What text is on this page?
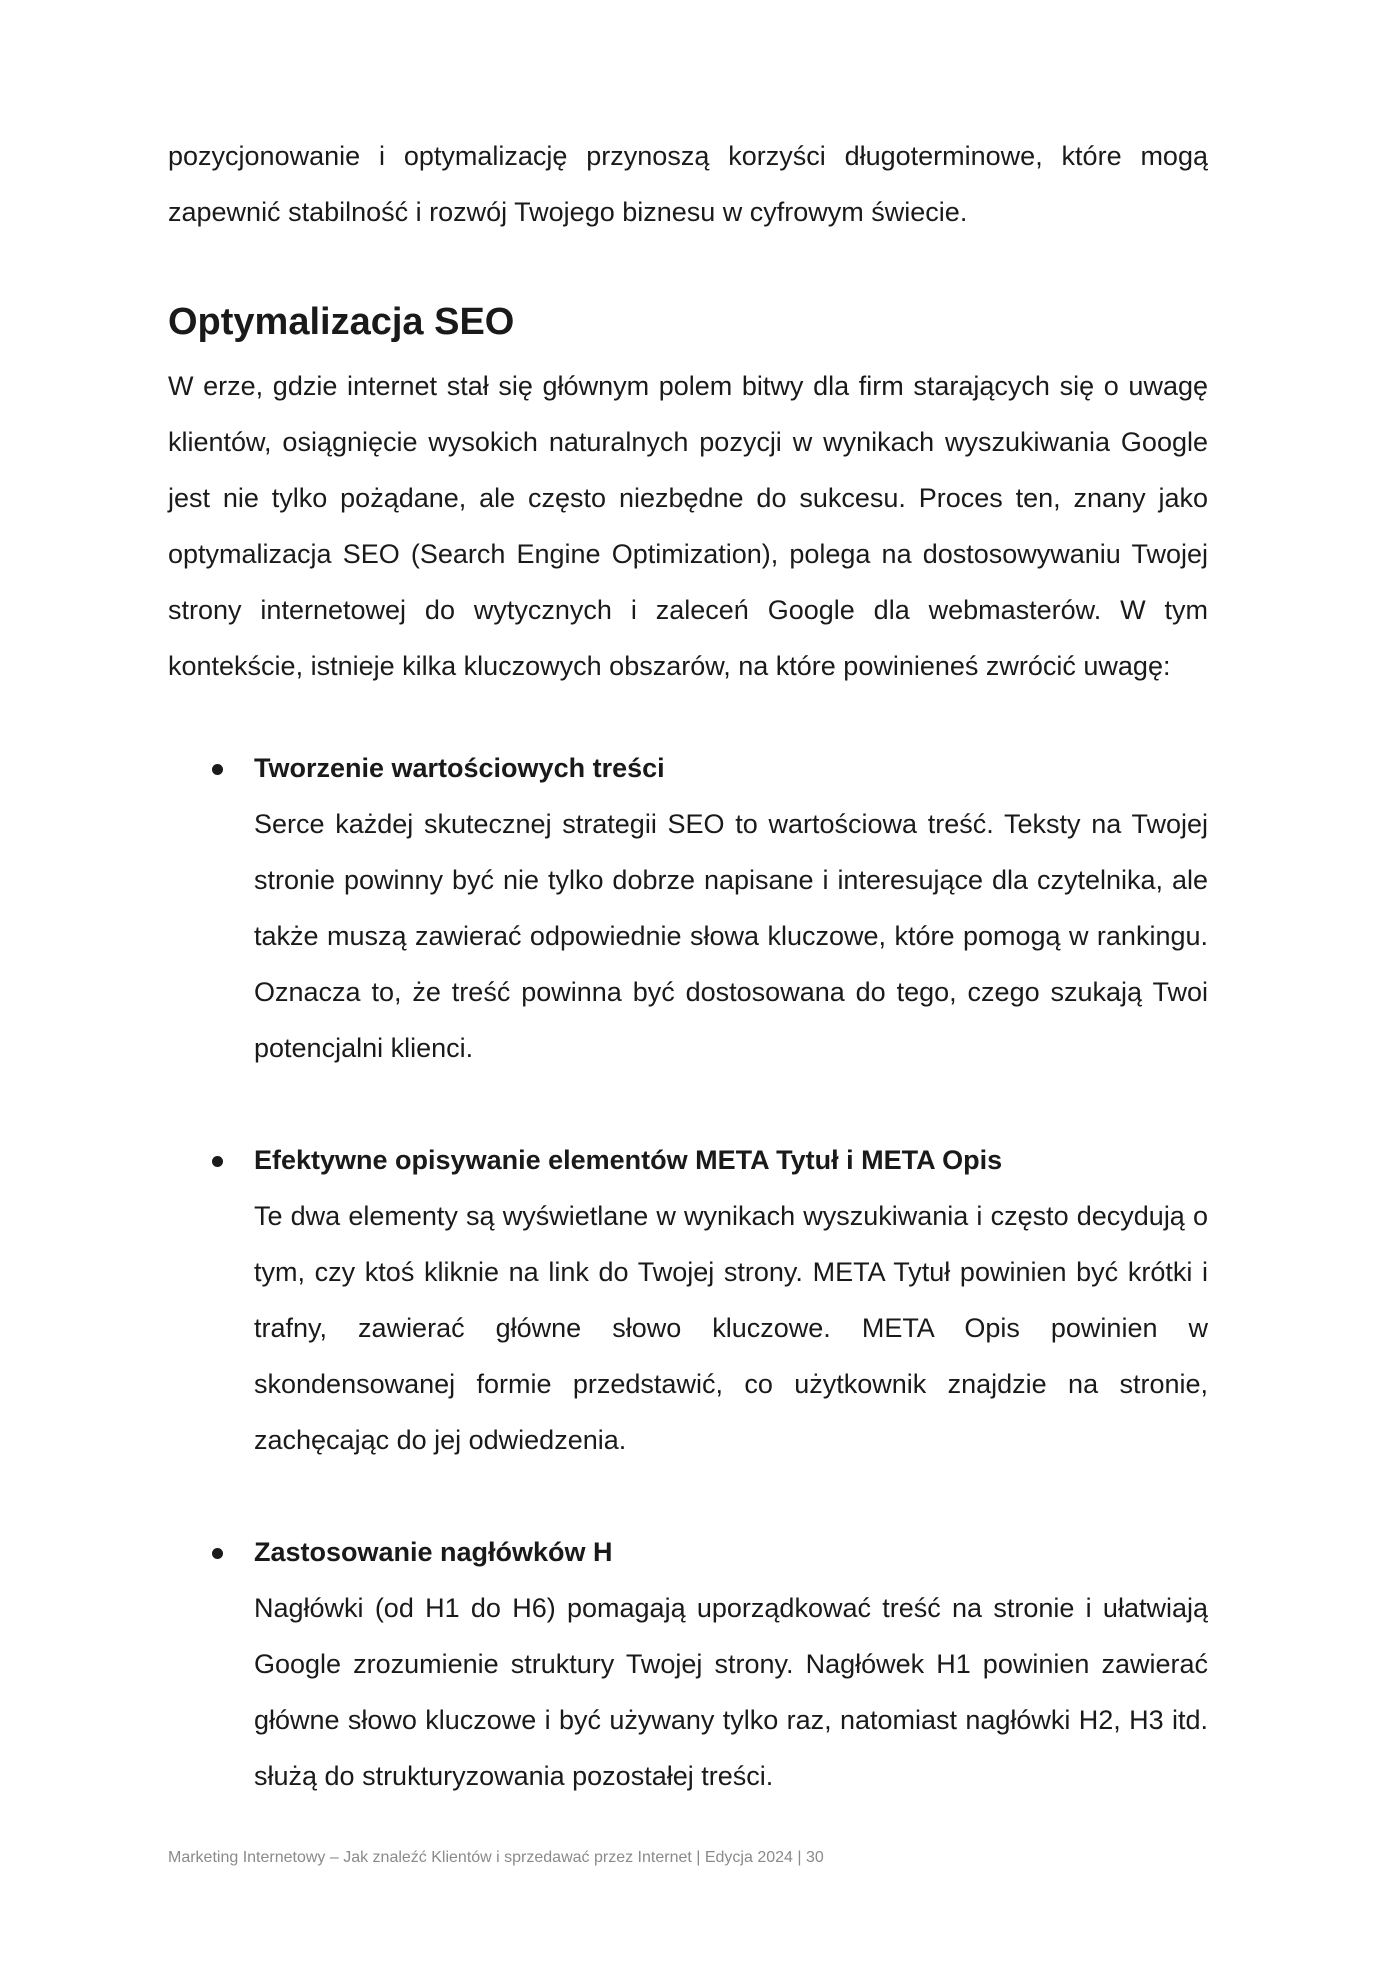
pozycjonowanie i optymalizację przynoszą korzyści długoterminowe, które mogą zapewnić stabilność i rozwój Twojego biznesu w cyfrowym świecie.

Optymalizacja SEO

W erze, gdzie internet stał się głównym polem bitwy dla firm starających się o uwagę klientów, osiągnięcie wysokich naturalnych pozycji w wynikach wyszukiwania Google jest nie tylko pożądane, ale często niezbędne do sukcesu. Proces ten, znany jako optymalizacja SEO (Search Engine Optimization), polega na dostosowywaniu Twojej strony internetowej do wytycznych i zaleceń Google dla webmasterów. W tym kontekście, istnieje kilka kluczowych obszarów, na które powinieneś zwrócić uwagę:

Tworzenie wartościowych treści

Serce każdej skutecznej strategii SEO to wartościowa treść. Teksty na Twojej stronie powinny być nie tylko dobrze napisane i interesujące dla czytelnika, ale także muszą zawierać odpowiednie słowa kluczowe, które pomogą w rankingu. Oznacza to, że treść powinna być dostosowana do tego, czego szukają Twoi potencjalni klienci.

Efektywne opisywanie elementów META Tytuł i META Opis

Te dwa elementy są wyświetlane w wynikach wyszukiwania i często decydują o tym, czy ktoś kliknie na link do Twojej strony. META Tytuł powinien być krótki i trafny, zawierać główne słowo kluczowe. META Opis powinien w skondensowanej formie przedstawić, co użytkownik znajdzie na stronie, zachęcając do jej odwiedzenia.

Zastosowanie nagłówków H

Nagłówki (od H1 do H6) pomagają uporządkować treść na stronie i ułatwiają Google zrozumienie struktury Twojej strony. Nagłówek H1 powinien zawierać główne słowo kluczowe i być używany tylko raz, natomiast nagłówki H2, H3 itd. służą do strukturyzowania pozostałej treści.

Marketing Internetowy – Jak znaleźć Klientów i sprzedawać przez Internet | Edycja 2024 | 30
